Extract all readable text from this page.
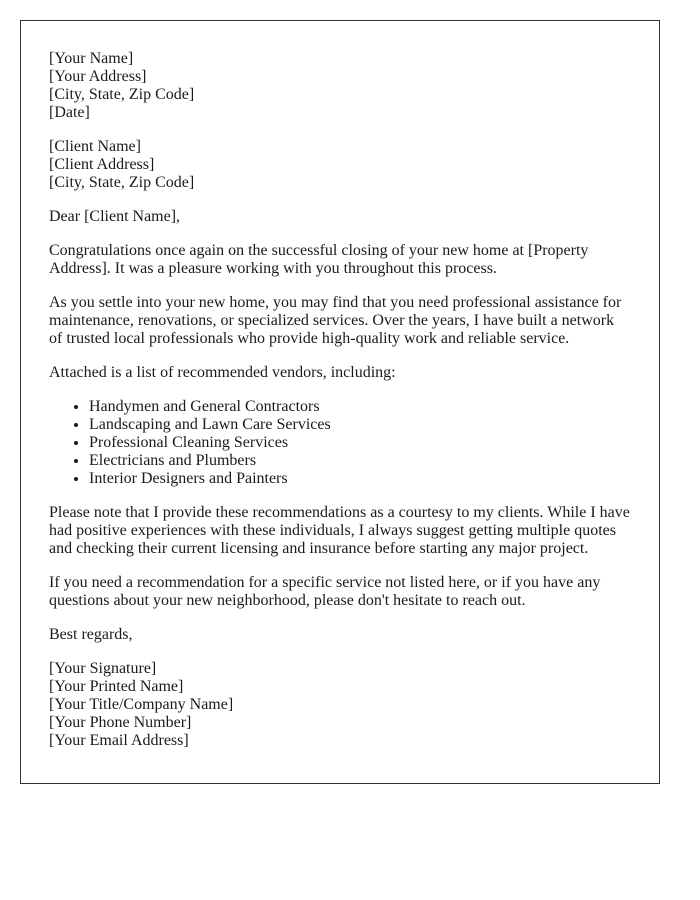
[Your Name]
[Your Address]
[City, State, Zip Code]
[Date]
[Client Name]
[Client Address]
[City, State, Zip Code]

Dear [Client Name],

Congratulations once again on the successful closing of your new home at [Property Address]. It was a pleasure working with you throughout this process.

As you settle into your new home, you may find that you need professional assistance for maintenance, renovations, or specialized services. Over the years, I have built a network of trusted local professionals who provide high-quality work and reliable service.

Attached is a list of recommended vendors, including:

• Handymen and General Contractors
• Landscaping and Lawn Care Services
• Professional Cleaning Services
• Electricians and Plumbers
• Interior Designers and Painters

Please note that I provide these recommendations as a courtesy to my clients. While I have had positive experiences with these individuals, I always suggest getting multiple quotes and checking their current licensing and insurance before starting any major project.

If you need a recommendation for a specific service not listed here, or if you have any questions about your new neighborhood, please don't hesitate to reach out.

Best regards,

[Your Signature]
[Your Printed Name]
[Your Title/Company Name]
[Your Phone Number]
[Your Email Address]
